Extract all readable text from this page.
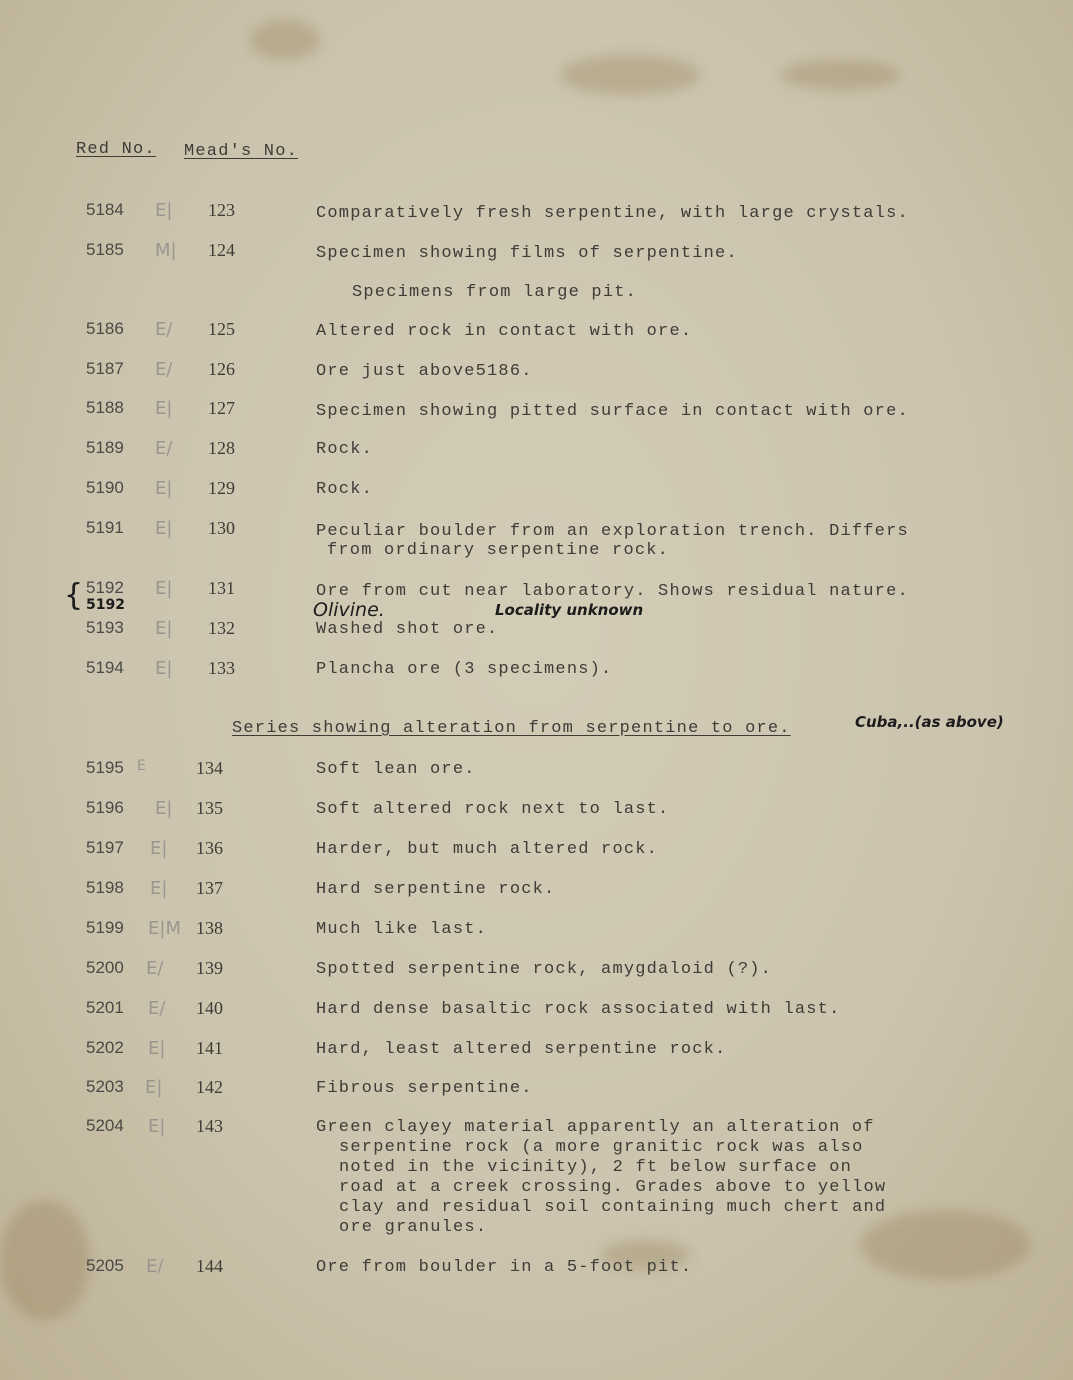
Red No. Mead's No.
5184 E| 123	Comparatively fresh serpentine, with large crystals.
5185 M| 124	Specimen showing films of serpentine.
Specimens from large pit.
5186 E/ 125	Altered rock in contact with ore.
5187 E/ 126	Ore just above5186.
5188 E| 127	Specimen showing pitted surface in contact with ore.
5189 E/ 128	Rock.
5190 E| 129	Rock.
5191 E| 130	Peculiar boulder from an exploration trench. Differs
from ordinary serpentine rock.
{ 5192 E| 131	Ore from cut near laboratory. Shows residual nature.
5192	Olivine.	Locality unknown
5193 E| 132	Washed shot ore.
5194 E| 133	Plancha ore (3 specimens).
Series showing alteration from serpentine to ore.	Cuba,..(as above)
5195 E	134	Soft lean ore.
5196 E| 135	Soft altered rock next to last.
5197 E| 136	Harder, but much altered rock.
5198 E| 137	Hard serpentine rock.
5199 E|M 138	Much like last.
5200 E/ 139	Spotted serpentine rock, amygdaloid (?).
5201 E/ 140	Hard dense basaltic rock associated with last.
5202 E| 141	Hard, least altered serpentine rock.
5203 E| 142	Fibrous serpentine.
5204 E| 143	Green clayey material apparently an alteration of
serpentine rock (a more granitic rock was also
noted in the vicinity), 2 ft below surface on
road at a creek crossing. Grades above to yellow
clay and residual soil containing much chert and
ore granules.
5205 E/ 144	Ore from boulder in a 5-foot pit.
